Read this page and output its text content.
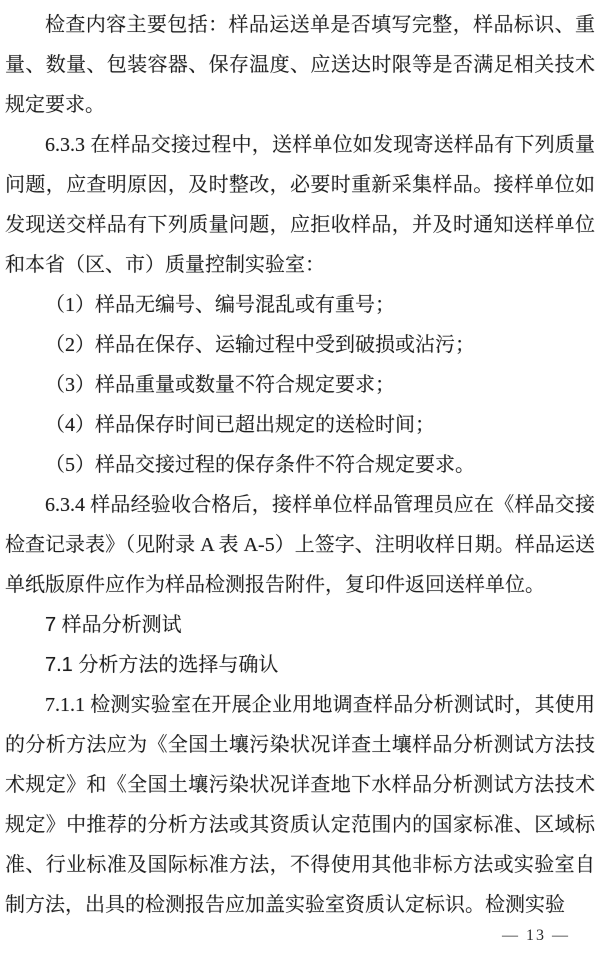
检查内容主要包括：样品运送单是否填写完整，样品标识、重量、数量、包装容器、保存温度、应送达时限等是否满足相关技术规定要求。

6.3.3 在样品交接过程中，送样单位如发现寄送样品有下列质量问题，应查明原因，及时整改，必要时重新采集样品。接样单位如发现送交样品有下列质量问题，应拒收样品，并及时通知送样单位和本省（区、市）质量控制实验室：

（1）样品无编号、编号混乱或有重号；

（2）样品在保存、运输过程中受到破损或沾污；

（3）样品重量或数量不符合规定要求；

（4）样品保存时间已超出规定的送检时间；

（5）样品交接过程的保存条件不符合规定要求。

6.3.4 样品经验收合格后，接样单位样品管理员应在《样品交接检查记录表》（见附录 A 表 A-5）上签字、注明收样日期。样品运送单纸版原件应作为样品检测报告附件，复印件返回送样单位。

7 样品分析测试
7.1 分析方法的选择与确认

7.1.1 检测实验室在开展企业用地调查样品分析测试时，其使用的分析方法应为《全国土壤污染状况详查土壤样品分析测试方法技术规定》和《全国土壤污染状况详查地下水样品分析测试方法技术规定》中推荐的分析方法或其资质认定范围内的国家标准、区域标准、行业标准及国际标准方法，不得使用其他非标方法或实验室自制方法，出具的检测报告应加盖实验室资质认定标识。检测实验

— 13 —
